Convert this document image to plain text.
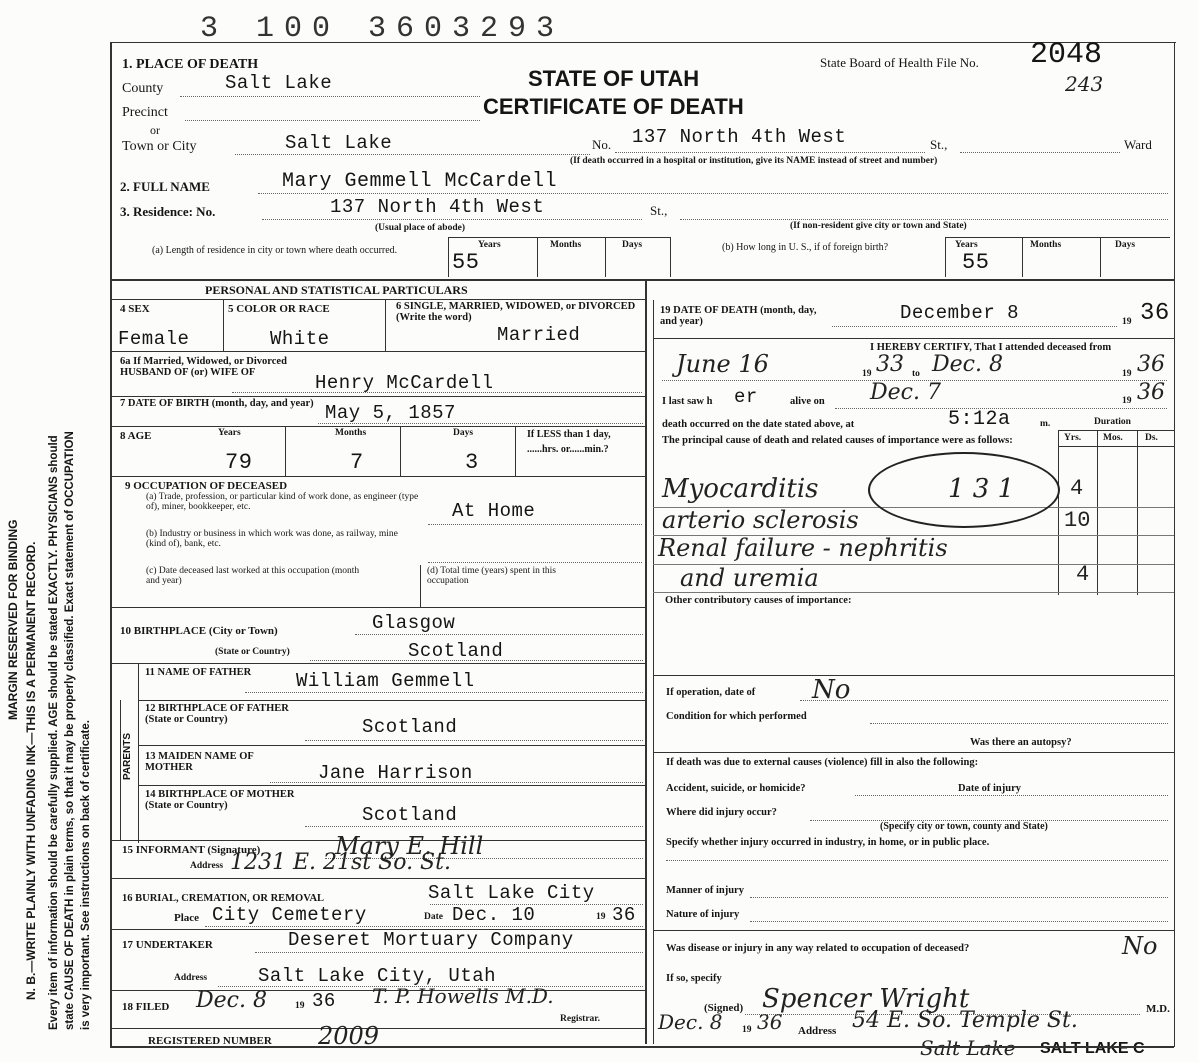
3 100 3603293
MARGIN RESERVED FOR BINDING N. B.—WRITE PLAINLY WITH UNFADING INK—THIS IS A PERMANENT RECORD. Every item of information should be carefully supplied. AGE should be stated EXACTLY. PHYSICIANS should state CAUSE OF DEATH in plain terms, so that it may be properly classified. Exact statement of OCCUPATION is very important. See instructions on back of certificate.
1. PLACE OF DEATH
STATE OF UTAH
CERTIFICATE OF DEATH
State Board of Health File No. 2048
243
County	Salt Lake
Precinct
or
Town or City	Salt Lake	No. 137 North 4th West	St.,	Ward
(If death occurred in a hospital or institution, give its NAME instead of street and number)
2. FULL NAME	Mary Gemmell McCardell
3. Residence: No.	137 North 4th West	St.,
(Usual place of abode)	(If non-resident give city or town and State)
(a) Length of residence in city or town where death occurred.	Years	Months	Days
55
(b) How long in U. S., if of foreign birth?	Years	Months	Days
55
PERSONAL AND STATISTICAL PARTICULARS
4 SEX
Female
5 COLOR OR RACE
White
6 SINGLE, MARRIED, WIDOWED, or DIVORCED (Write the word)
Married
6a If Married, Widowed, or Divorced HUSBAND OF (or) WIFE OF	Henry McCardell
7 DATE OF BIRTH (month, day, and year) May 5, 1857
8 AGE	Years	Months	Days
79	7	3
If LESS than 1 day, ......hrs. or......min.?
9 OCCUPATION OF DECEASED
(a) Trade, profession, or particular kind of work done, as engineer (type of), miner, bookkeeper, etc.	At Home
(b) Industry or business in which work was done, as railway, mine (kind of), bank, etc.
(c) Date deceased last worked at this occupation (month and year)
(d) Total time (years) spent in this occupation
10 BIRTHPLACE (City or Town)	Glasgow
(State or Country)	Scotland
PARENTS
11 NAME OF FATHER William Gemmell
12 BIRTHPLACE OF FATHER (State or Country)	Scotland
13 MAIDEN NAME OF MOTHER	Jane Harrison
14 BIRTHPLACE OF MOTHER (State or Country)	Scotland
15 INFORMANT (Signature)	Mary E. Hill
Address 1231 E. 21st So. St.
16 BURIAL, CREMATION, OR REMOVAL	Salt Lake City
Place City Cemetery	Date Dec. 10	19 36
17 UNDERTAKER	Deseret Mortuary Company
Address	Salt Lake City, Utah
18 FILED Dec. 8	19 36 T. P. Howells M.D.
Registrar.
REGISTERED NUMBER 2009
19 DATE OF DEATH (month, day, and year)	December 8	19 36
I HEREBY CERTIFY, That I attended deceased from
June 16	19 33 to Dec. 8	19 36
I last saw h er	alive on Dec. 7	19 36
death occurred on the date stated above, at	5:12a	m.	Duration
Yrs. Mos. Ds.
The principal cause of death and related causes of importance were as follows:
Myocarditis	1 3 1	4
arterio sclerosis	10
Renal failure - nephritis
and uremia	4
Other contributory causes of importance:
If operation, date of No
Condition for which performed
Was there an autopsy?
If death was due to external causes (violence) fill in also the following:
Accident, suicide, or homicide?	Date of injury
Where did injury occur?
(Specify city or town, county and State)
Specify whether injury occurred in industry, in home, or in public place.
Manner of injury
Nature of injury
Was disease or injury in any way related to occupation of deceased?	No
If so, specify
(Signed) Spencer Wright	M.D.
Dec. 8 19 36 Address 54 E. So. Temple St.
Salt Lake SALT LAKE C
